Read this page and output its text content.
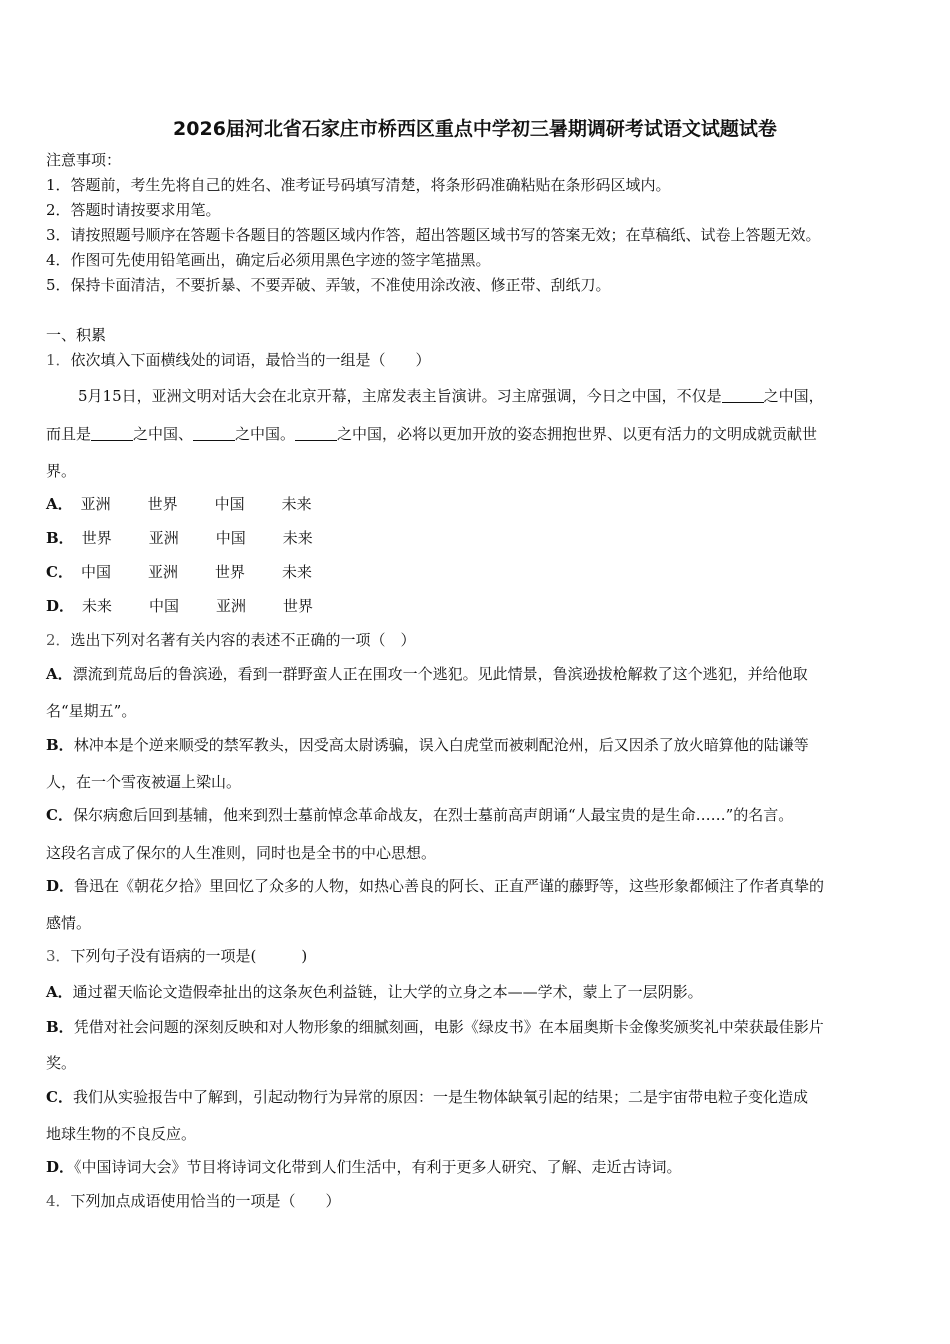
2026届河北省石家庄市桥西区重点中学初三暑期调研考试语文试题试卷
注意事项：
1．答题前，考生先将自己的姓名、准考证号码填写清楚，将条形码准确粘贴在条形码区域内。
2．答题时请按要求用笔。
3．请按照题号顺序在答题卡各题目的答题区域内作答，超出答题区域书写的答案无效；在草稿纸、试卷上答题无效。
4．作图可先使用铅笔画出，确定后必须用黑色字迹的签字笔描黑。
5．保持卡面清洁，不要折暴、不要弄破、弄皱，不准使用涂改液、修正带、刮纸刀。
一、积累
1．依次填入下面横线处的词语，最恰当的一组是（　　）
5月15日，亚洲文明对话大会在北京开幕，主席发表主旨演讲。习主席强调，今日之中国，不仅是	之中国，
而且是	之中国、	之中国。	之中国，必将以更加开放的姿态拥抱世界、以更有活力的文明成就贡献世
界。
A． 亚洲 世界 中国 未来
B． 世界 亚洲 中国 未来
C． 中国 亚洲 世界 未来
D． 未来 中国 亚洲 世界
2．选出下列对名著有关内容的表述不正确的一项（　）
A．漂流到荒岛后的鲁滨逊，看到一群野蛮人正在围攻一个逃犯。见此情景，鲁滨逊拔枪解救了这个逃犯，并给他取
名“星期五”。
B．林冲本是个逆来顺受的禁军教头，因受高太尉诱骗，误入白虎堂而被刺配沧州，后又因杀了放火暗算他的陆谦等
人，在一个雪夜被逼上梁山。
C．保尔病愈后回到基辅，他来到烈士墓前悼念革命战友，在烈士墓前高声朗诵“人最宝贵的是生命……”的名言。
这段名言成了保尔的人生准则，同时也是全书的中心思想。
D．鲁迅在《朝花夕拾》里回忆了众多的人物，如热心善良的阿长、正直严谨的藤野等，这些形象都倾注了作者真挚的
感情。
3．下列句子没有语病的一项是(　　　)
A．通过翟天临论文造假牵扯出的这条灰色利益链，让大学的立身之本——学术，蒙上了一层阴影。
B．凭借对社会问题的深刻反映和对人物形象的细腻刻画，电影《绿皮书》在本届奥斯卡金像奖颁奖礼中荣获最佳影片
奖。
C．我们从实验报告中了解到，引起动物行为异常的原因：一是生物体缺氧引起的结果；二是宇宙带电粒子变化造成
地球生物的不良反应。
D．《中国诗词大会》节目将诗词文化带到人们生活中，有利于更多人研究、了解、走近古诗词。
4．下列加点成语使用恰当的一项是（　　）
